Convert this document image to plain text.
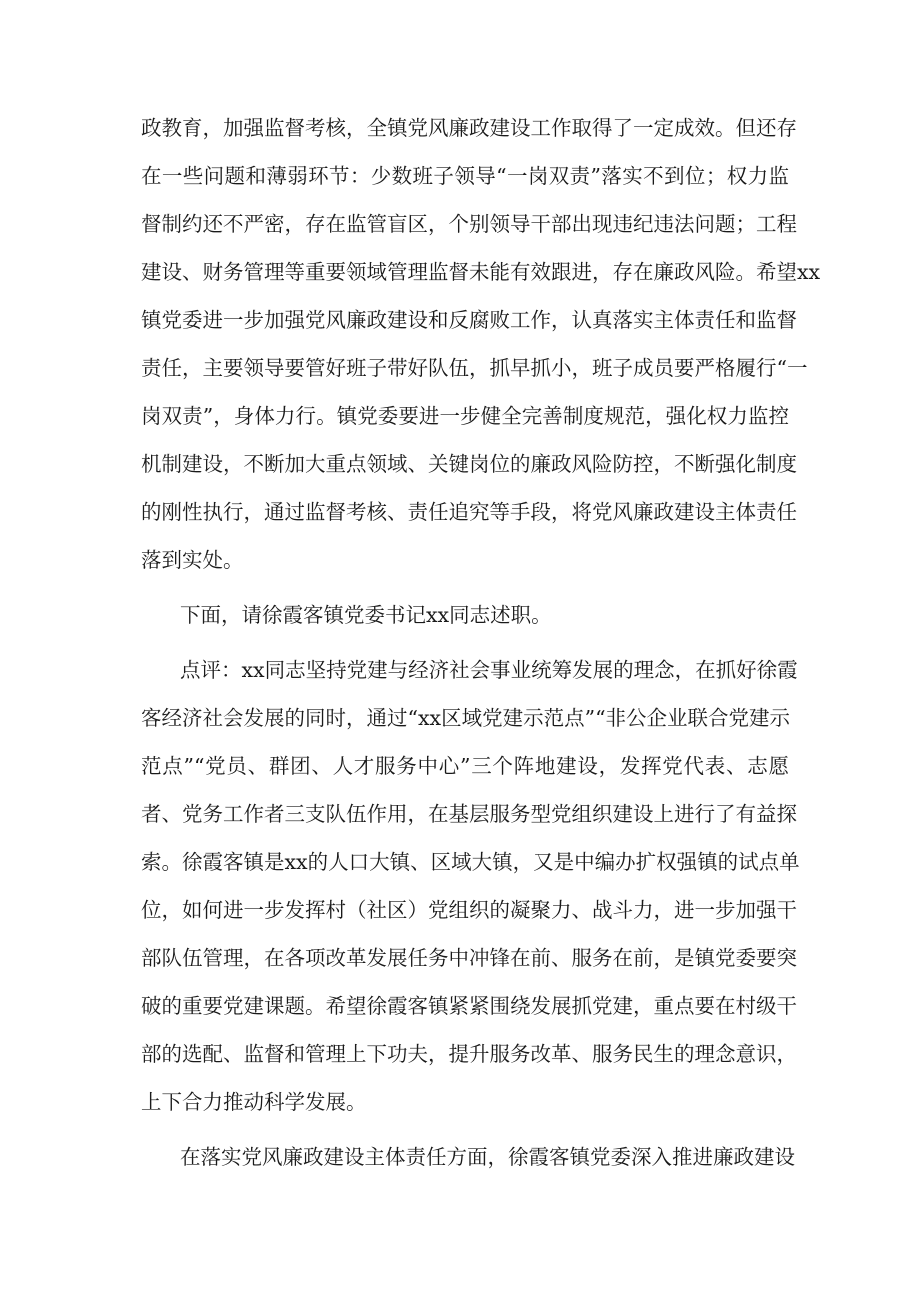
政教育，加强监督考核，全镇党风廉政建设工作取得了一定成效。但还存
在一些问题和薄弱环节：少数班子领导“一岗双责”落实不到位；权力监
督制约还不严密，存在监管盲区，个别领导干部出现违纪违法问题；工程
建设、财务管理等重要领域管理监督未能有效跟进，存在廉政风险。希望xx
镇党委进一步加强党风廉政建设和反腐败工作，认真落实主体责任和监督
责任，主要领导要管好班子带好队伍，抓早抓小，班子成员要严格履行“一
岗双责”，身体力行。镇党委要进一步健全完善制度规范，强化权力监控
机制建设，不断加大重点领域、关键岗位的廉政风险防控，不断强化制度
的刚性执行，通过监督考核、责任追究等手段，将党风廉政建设主体责任
落到实处。
下面，请徐霞客镇党委书记xx同志述职。
点评：xx同志坚持党建与经济社会事业统筹发展的理念，在抓好徐霞
客经济社会发展的同时，通过“xx区域党建示范点”“非公企业联合党建示
范点”“党员、群团、人才服务中心”三个阵地建设，发挥党代表、志愿
者、党务工作者三支队伍作用，在基层服务型党组织建设上进行了有益探
索。徐霞客镇是xx的人口大镇、区域大镇，又是中编办扩权强镇的试点单
位，如何进一步发挥村（社区）党组织的凝聚力、战斗力，进一步加强干
部队伍管理，在各项改革发展任务中冲锋在前、服务在前，是镇党委要突
破的重要党建课题。希望徐霞客镇紧紧围绕发展抓党建，重点要在村级干
部的选配、监督和管理上下功夫，提升服务改革、服务民生的理念意识，
上下合力推动科学发展。
在落实党风廉政建设主体责任方面，徐霞客镇党委深入推进廉政建设
